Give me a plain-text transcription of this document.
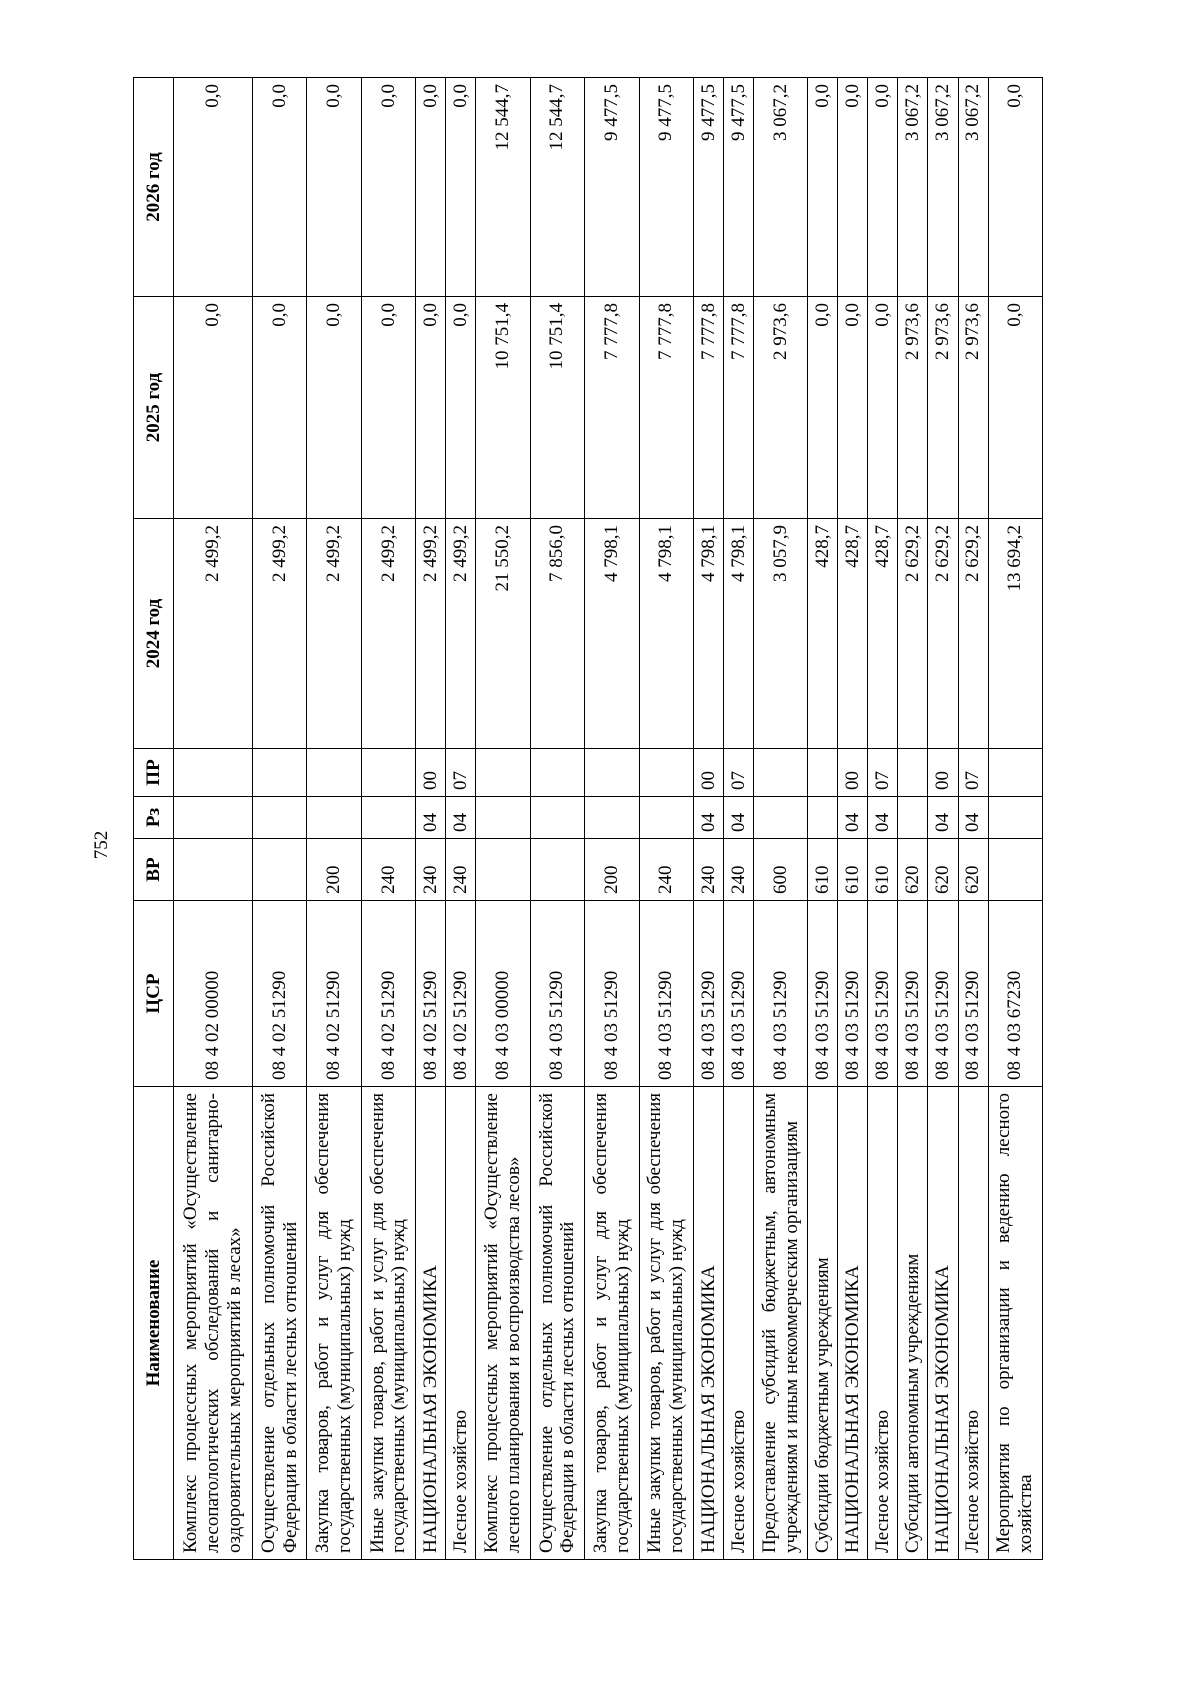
752
Наименование	ЦСР	ВР	Рз	ПР	2024 год	2025 год	2026 год
Комплекс процессных мероприятий «Осуществление лесопатологических обследований и санитарно-оздоровительных мероприятий в лесах»	08 4 02 00000				2 499,2	0,0	0,0
Осуществление отдельных полномочий Российской Федерации в области лесных отношений	08 4 02 51290				2 499,2	0,0	0,0
Закупка товаров, работ и услуг для обеспечения государственных (муниципальных) нужд	08 4 02 51290	200			2 499,2	0,0	0,0
Иные закупки товаров, работ и услуг для обеспечения государственных (муниципальных) нужд	08 4 02 51290	240			2 499,2	0,0	0,0
НАЦИОНАЛЬНАЯ ЭКОНОМИКА	08 4 02 51290	240	04	00	2 499,2	0,0	0,0
Лесное хозяйство	08 4 02 51290	240	04	07	2 499,2	0,0	0,0
Комплекс процессных мероприятий «Осуществление лесного планирования и воспроизводства лесов»	08 4 03 00000				21 550,2	10 751,4	12 544,7
Осуществление отдельных полномочий Российской Федерации в области лесных отношений	08 4 03 51290				7 856,0	10 751,4	12 544,7
Закупка товаров, работ и услуг для обеспечения государственных (муниципальных) нужд	08 4 03 51290	200			4 798,1	7 777,8	9 477,5
Иные закупки товаров, работ и услуг для обеспечения государственных (муниципальных) нужд	08 4 03 51290	240			4 798,1	7 777,8	9 477,5
НАЦИОНАЛЬНАЯ ЭКОНОМИКА	08 4 03 51290	240	04	00	4 798,1	7 777,8	9 477,5
Лесное хозяйство	08 4 03 51290	240	04	07	4 798,1	7 777,8	9 477,5
Предоставление субсидий бюджетным, автономным учреждениям и иным некоммерческим организациям	08 4 03 51290	600			3 057,9	2 973,6	3 067,2
Субсидии бюджетным учреждениям	08 4 03 51290	610			428,7	0,0	0,0
НАЦИОНАЛЬНАЯ ЭКОНОМИКА	08 4 03 51290	610	04	00	428,7	0,0	0,0
Лесное хозяйство	08 4 03 51290	610	04	07	428,7	0,0	0,0
Субсидии автономным учреждениям	08 4 03 51290	620			2 629,2	2 973,6	3 067,2
НАЦИОНАЛЬНАЯ ЭКОНОМИКА	08 4 03 51290	620	04	00	2 629,2	2 973,6	3 067,2
Лесное хозяйство	08 4 03 51290	620	04	07	2 629,2	2 973,6	3 067,2
Мероприятия по организации и ведению лесного хозяйства	08 4 03 67230				13 694,2	0,0	0,0
